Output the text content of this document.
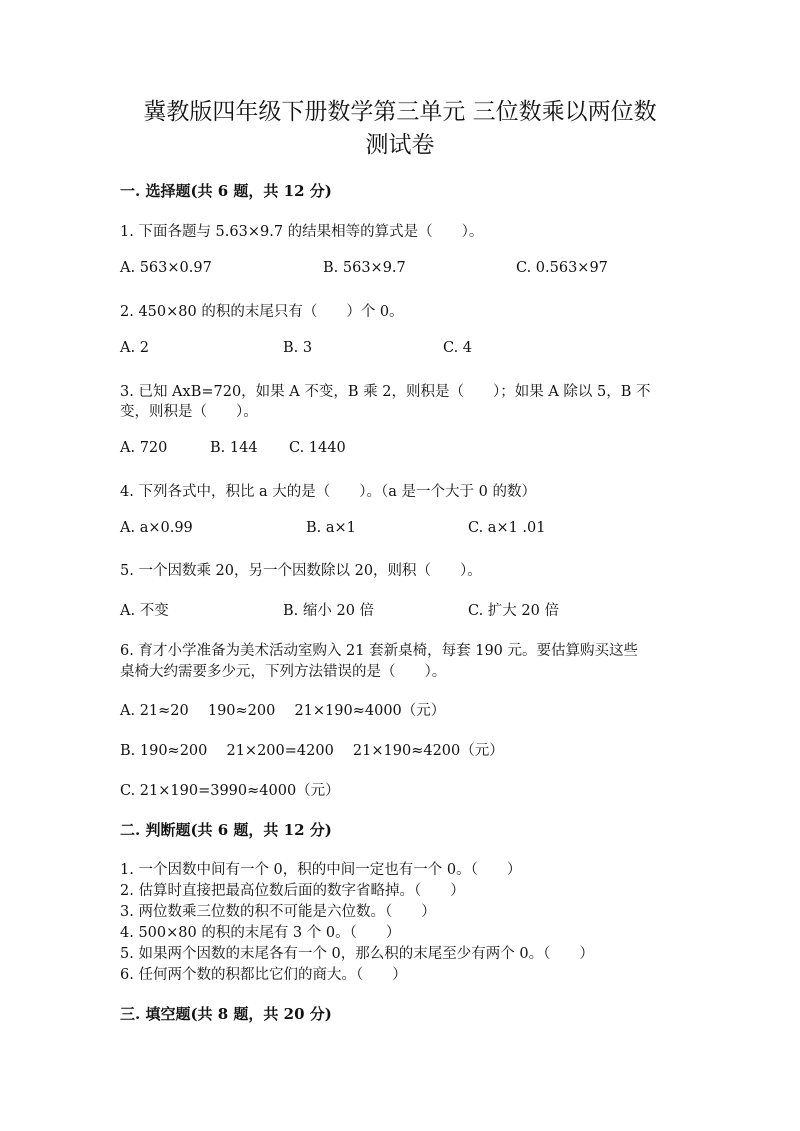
冀教版四年级下册数学第三单元 三位数乘以两位数
测试卷
一. 选择题(共 6 题，共 12 分)
1. 下面各题与 5.63×9.7 的结果相等的算式是（　　）。
A. 563×0.97	B. 563×9.7	C. 0.563×97
2. 450×80 的积的末尾只有（　　）个 0。
A. 2	B. 3	C. 4
3. 已知 AxB=720，如果 A 不变，B 乘 2，则积是（　　）；如果 A 除以 5，B 不
变，则积是（　　）。
A. 720	B. 144 C. 1440
4. 下列各式中，积比 a 大的是（　　）。（a 是一个大于 0 的数）
A. a×0.99	B. a×1	C. a×1 .01
5. 一个因数乘 20，另一个因数除以 20，则积（　　）。
A. 不变	B. 缩小 20 倍	C. 扩大 20 倍
6. 育才小学准备为美术活动室购入 21 套新桌椅，每套 190 元。要估算购买这些
桌椅大约需要多少元，下列方法错误的是（　　）。
A. 21≈20　 190≈200　 21×190≈4000（元）
B. 190≈200　 21×200=4200　 21×190≈4200（元）
C. 21×190=3990≈4000（元）
二. 判断题(共 6 题，共 12 分)
1. 一个因数中间有一个 0，积的中间一定也有一个 0。（　　）
2. 估算时直接把最高位数后面的数字省略掉。（　　）
3. 两位数乘三位数的积不可能是六位数。（　　）
4. 500×80 的积的末尾有 3 个 0。（　　）
5. 如果两个因数的末尾各有一个 0，那么积的末尾至少有两个 0。（　　）
6. 任何两个数的积都比它们的商大。（　　）
三. 填空题(共 8 题，共 20 分)
